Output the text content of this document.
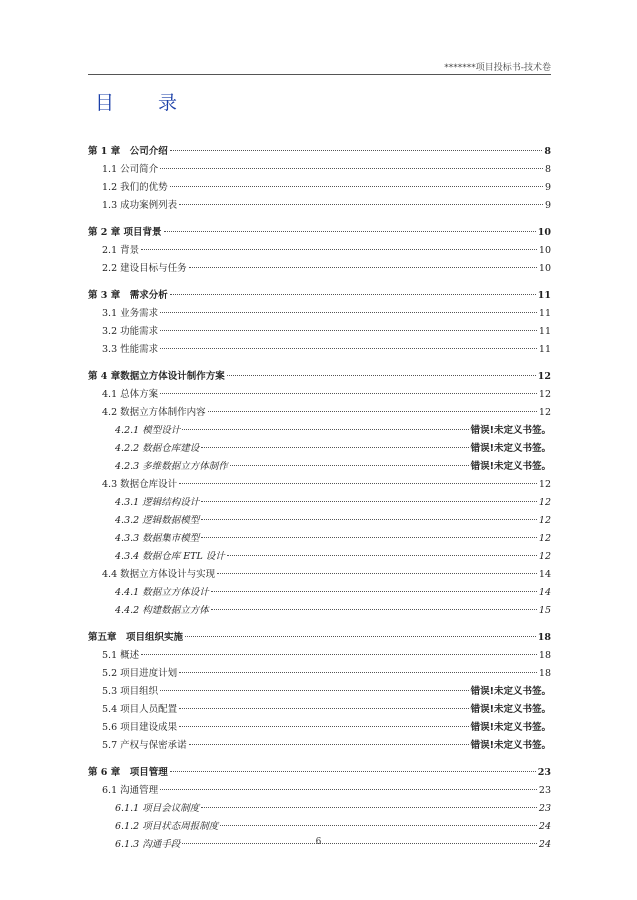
*******项目投标书-技术卷
目录
第 1 章　公司介绍	8
1.1 公司简介	8
1.2 我们的优势	9
1.3 成功案例列表	9
第 2 章 项目背景	10
2.1 背景	10
2.2 建设目标与任务	10
第 3 章　需求分析	11
3.1 业务需求	11
3.2 功能需求	11
3.3 性能需求	11
第 4 章数据立方体设计制作方案	12
4.1 总体方案	12
4.2 数据立方体制作内容	12
4.2.1 模型设计	错误!未定义书签。
4.2.2 数据仓库建设	错误!未定义书签。
4.2.3 多维数据立方体制作	错误!未定义书签。
4.3 数据仓库设计	12
4.3.1 逻辑结构设计	12
4.3.2 逻辑数据模型	12
4.3.3 数据集市模型	12
4.3.4 数据仓库 ETL 设计	12
4.4 数据立方体设计与实现	14
4.4.1 数据立方体设计	14
4.4.2 构建数据立方体	15
第五章　项目组织实施	18
5.1 概述	18
5.2 项目进度计划	18
5.3 项目组织	错误!未定义书签。
5.4 项目人员配置	错误!未定义书签。
5.6 项目建设成果	错误!未定义书签。
5.7 产权与保密承诺	错误!未定义书签。
第 6 章　项目管理	23
6.1 沟通管理	23
6.1.1 项目会议制度	23
6.1.2 项目状态周报制度	24
6.1.3 沟通手段	24
6
